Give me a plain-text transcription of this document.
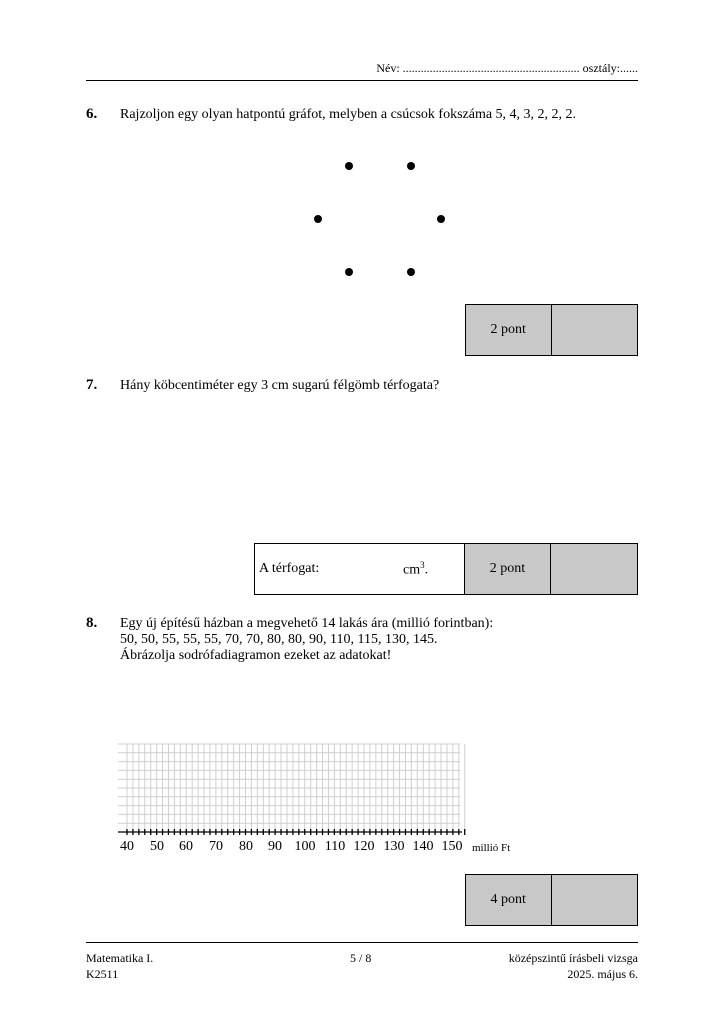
Név: ........................................................... osztály:......
6. Rajzoljon egy olyan hatpontú gráfot, melyben a csúcsok fokszáma 5, 4, 3, 2, 2, 2.
2 pont
7. Hány köbcentiméter egy 3 cm sugarú félgömb térfogata?
A térfogat:	$cm^3$.	2 pont
8. Egy új építésű házban a megvehető 14 lakás ára (millió forintban):
50, 50, 55, 55, 55, 70, 70, 80, 80, 90, 110, 115, 130, 145.
Ábrázolja sodrófadiagramon ezeket az adatokat!
40 50 60 70 80 90 100 110 120 130 140 150 millió Ft
4 pont
Matematika I.
K2511
5 / 8	középszintű írásbeli vizsga
2025. május 6.
